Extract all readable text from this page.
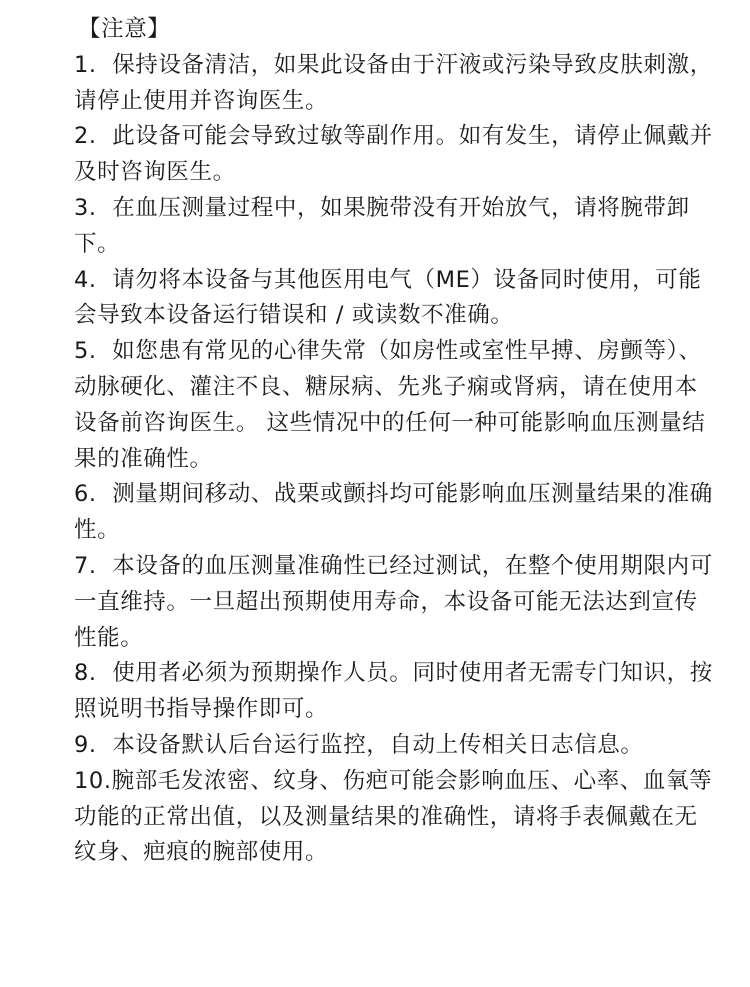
【注意】
1. 保持设备清洁，如果此设备由于汗液或污染导致皮肤刺激，请停止使用并咨询医生。
2. 此设备可能会导致过敏等副作用。如有发生，请停止佩戴并及时咨询医生。
3. 在血压测量过程中，如果腕带没有开始放气，请将腕带卸下。
4. 请勿将本设备与其他医用电气（ME）设备同时使用，可能会导致本设备运行错误和 / 或读数不准确。
5. 如您患有常见的心律失常（如房性或室性早搏、房颤等）、动脉硬化、灌注不良、糖尿病、先兆子痫或肾病，请在使用本设备前咨询医生。 这些情况中的任何一种可能影响血压测量结果的准确性。
6. 测量期间移动、战栗或颤抖均可能影响血压测量结果的准确性。
7. 本设备的血压测量准确性已经过测试，在整个使用期限内可一直维持。一旦超出预期使用寿命，本设备可能无法达到宣传性能。
8. 使用者必须为预期操作人员。同时使用者无需专门知识，按照说明书指导操作即可。
9. 本设备默认后台运行监控，自动上传相关日志信息。
10.腕部毛发浓密、纹身、伤疤可能会影响血压、心率、血氧等功能的正常出值，以及测量结果的准确性，请将手表佩戴在无纹身、疤痕的腕部使用。
